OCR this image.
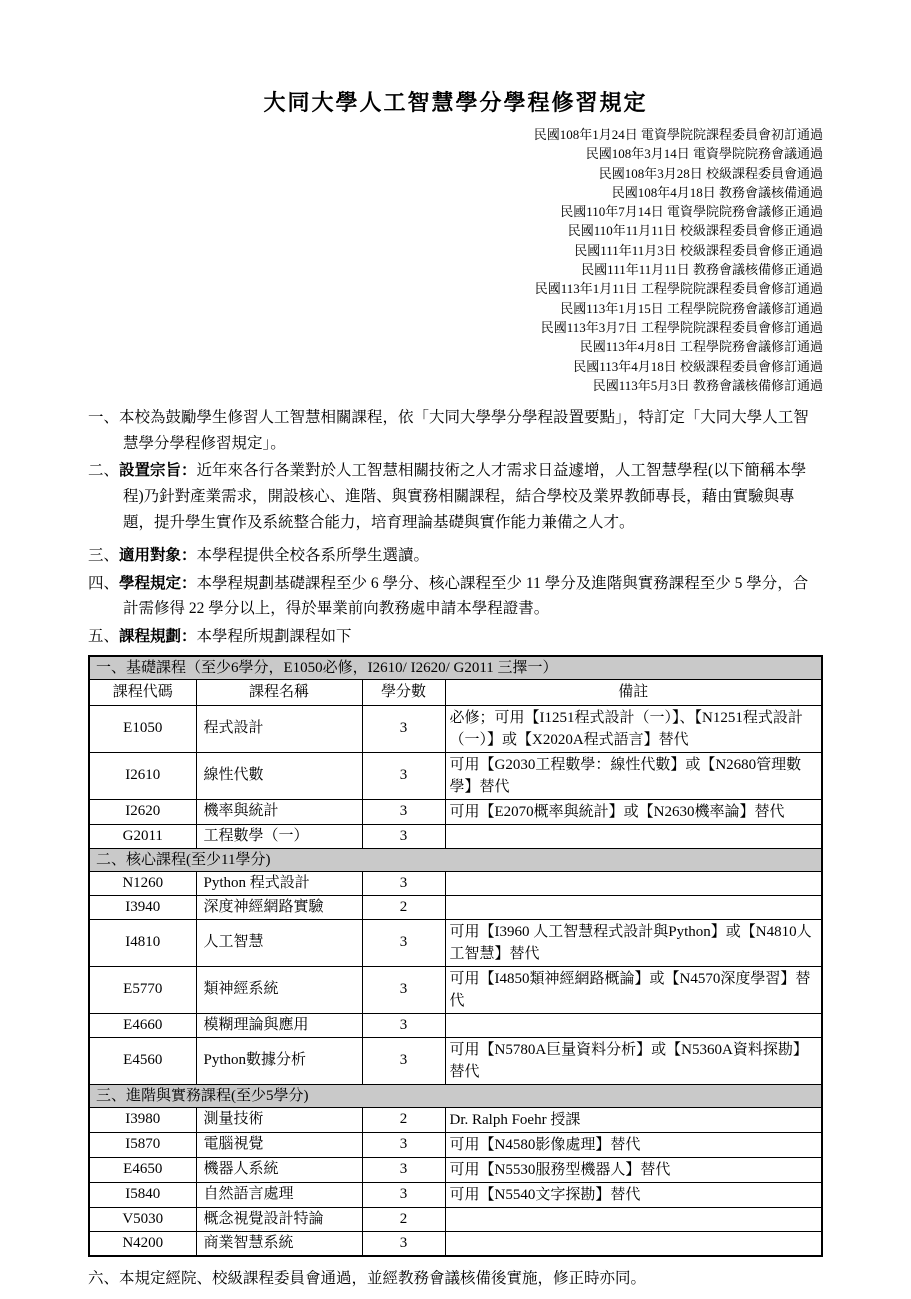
大同大學人工智慧學分學程修習規定
民國108年1月24日 電資學院院課程委員會初訂通過
民國108年3月14日 電資學院院務會議通過
民國108年3月28日 校級課程委員會通過
民國108年4月18日 教務會議核備通過
民國110年7月14日 電資學院院務會議修正通過
民國110年11月11日 校級課程委員會修正通過
民國111年11月3日 校級課程委員會修正通過
民國111年11月11日 教務會議核備修正通過
民國113年1月11日 工程學院院課程委員會修訂通過
民國113年1月15日 工程學院院務會議修訂通過
民國113年3月7日 工程學院院課程委員會修訂通過
民國113年4月8日 工程學院務會議修訂通過
民國113年4月18日 校級課程委員會修訂通過
民國113年5月3日 教務會議核備修訂通過
一、本校為鼓勵學生修習人工智慧相關課程，依「大同大學學分學程設置要點」，特訂定「大同大學人工智慧學分學程修習規定」。
二、設置宗旨：近年來各行各業對於人工智慧相關技術之人才需求日益遽增，人工智慧學程(以下簡稱本學程)乃針對產業需求，開設核心、進階、與實務相關課程，結合學校及業界教師專長，藉由實驗與專題，提升學生實作及系統整合能力，培育理論基礎與實作能力兼備之人才。
三、適用對象：本學程提供全校各系所學生選讀。
四、學程規定：本學程規劃基礎課程至少 6 學分、核心課程至少 11 學分及進階與實務課程至少 5 學分，合計需修得 22 學分以上，得於畢業前向教務處申請本學程證書。
五、課程規劃：本學程所規劃課程如下
一、基礎課程（至少6學分，E1050必修，I2610/ I2620/ G2011 三擇一）			
課程代碼	課程名稱	學分數	備註
E1050	程式設計	3	必修；可用【I1251程式設計（一）】、【N1251程式設計（一）】或【X2020A程式語言】替代
I2610	線性代數	3	可用【G2030工程數學：線性代數】或【N2680管理數學】替代
I2620	機率與統計	3	可用【E2070概率與統計】或【N2630機率論】替代
G2011	工程數學（一）	3	
二、核心課程(至少11學分)			
N1260	Python 程式設計	3	
I3940	深度神經網路實驗	2	
I4810	人工智慧	3	可用【I3960 人工智慧程式設計與Python】或【N4810人工智慧】替代
E5770	類神經系統	3	可用【I4850類神經網路概論】或【N4570深度學習】替代
E4660	模糊理論與應用	3	
E4560	Python數據分析	3	可用【N5780A巨量資料分析】或【N5360A資料探勘】替代
三、進階與實務課程(至少5學分)			
I3980	測量技術	2	Dr. Ralph Foehr 授課
I5870	電腦視覺	3	可用【N4580影像處理】替代
E4650	機器人系統	3	可用【N5530服務型機器人】替代
I5840	自然語言處理	3	可用【N5540文字探勘】替代
V5030	概念視覺設計特論	2	
N4200	商業智慧系統	3	
六、本規定經院、校級課程委員會通過，並經教務會議核備後實施，修正時亦同。
